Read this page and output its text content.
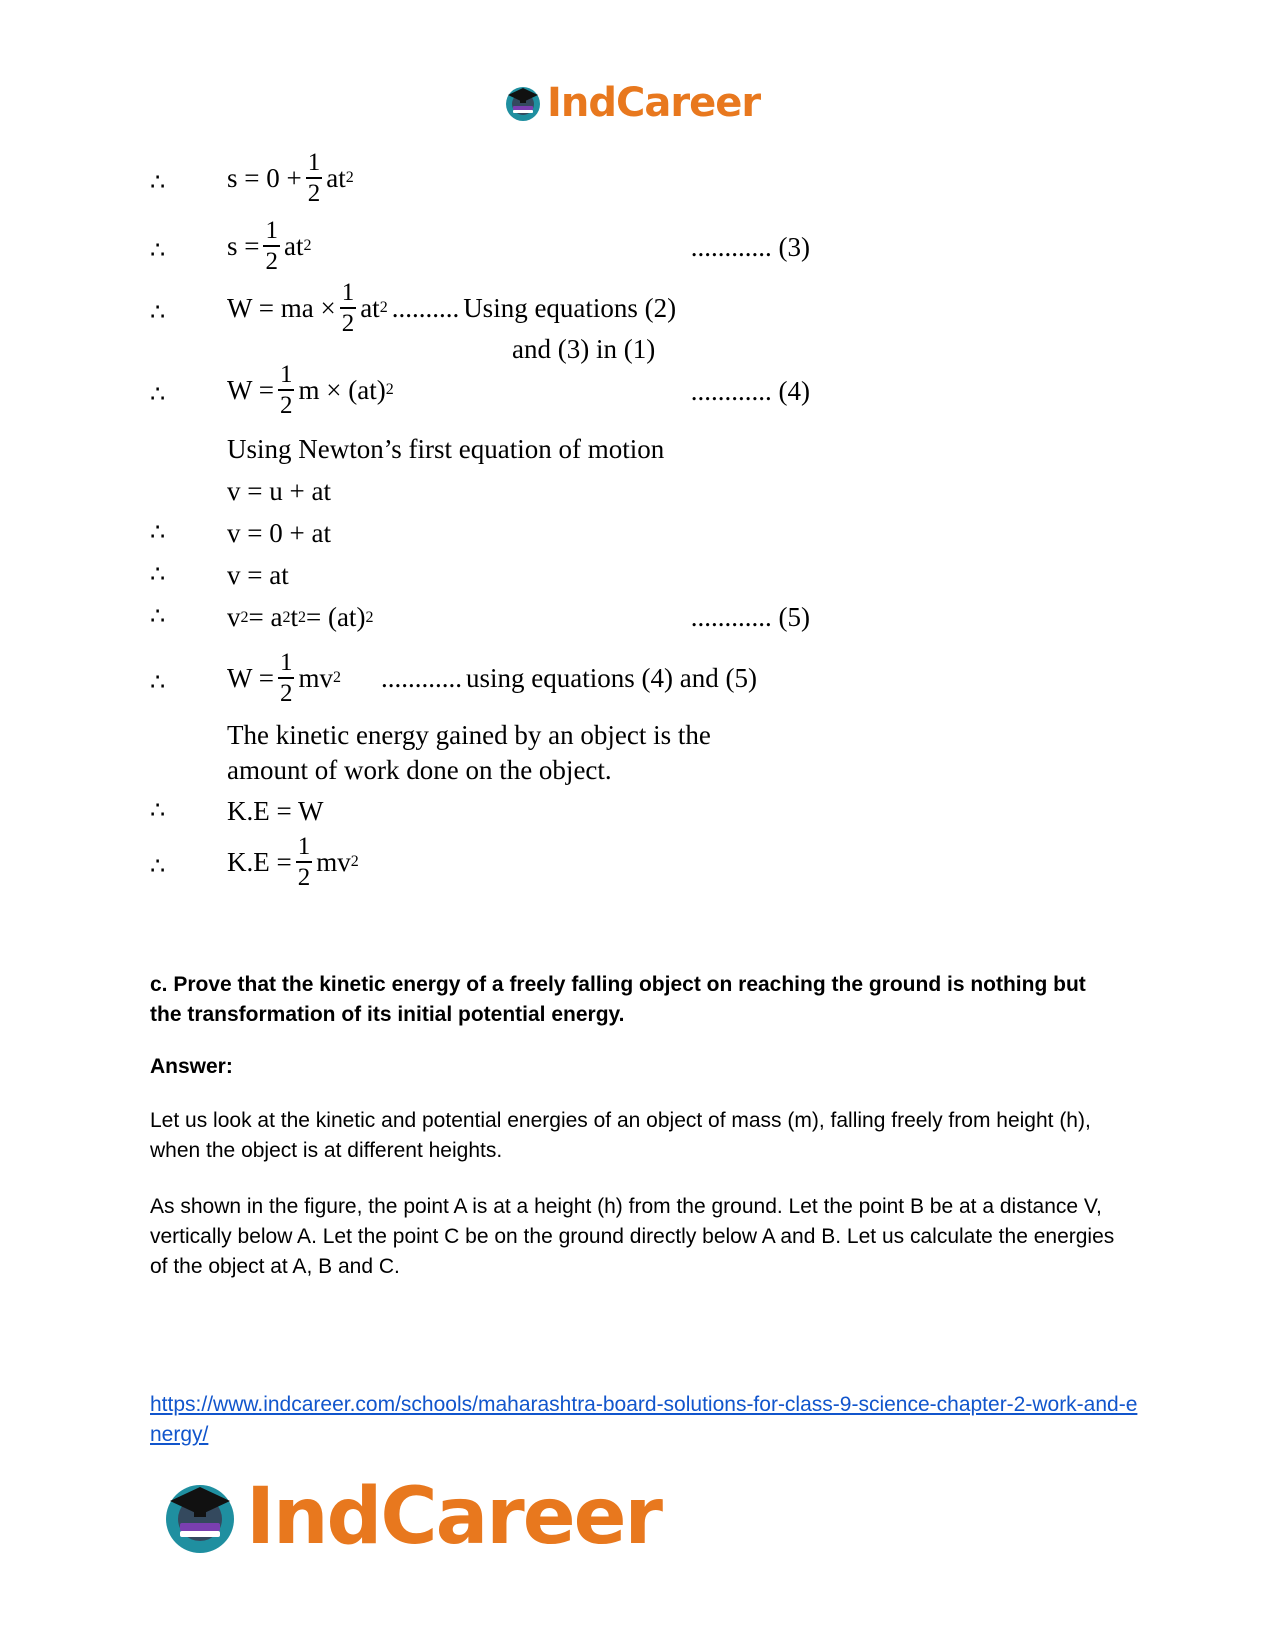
IndCareer
∴ $s = 0 + \frac{1}{2}$ at 2
∴ $s = \frac{1}{2}$ at 2	............ (3)
∴ W = ma × $\frac{1}{2}$ at 2 .......... Using equations (2)
and (3) in (1)
∴ $W = \frac{1}{2}$ m × (at) 2	............ (4)
Using Newton’s first equation of motion
v = u + at
∴ v = 0 + at
∴ v = at
∴ v 2 = a 2 t 2 = (at) 2	............ (5)
∴ $W = \frac{1}{2}$ mv 2 ............ using equations (4) and (5)
The kinetic energy gained by an object is the
amount of work done on the object.
∴ K.E = W
∴ $K.E = \frac{1}{2}$ mv 2
c. Prove that the kinetic energy of a freely falling object on reaching the ground is nothing but the transformation of its initial potential energy.
Answer:
Let us look at the kinetic and potential energies of an object of mass (m), falling freely from height (h), when the object is at different heights.
As shown in the figure, the point A is at a height (h) from the ground. Let the point B be at a distance V, vertically below A. Let the point C be on the ground directly below A and B. Let us calculate the energies of the object at A, B and C.
https://www.indcareer.com/schools/maharashtra-board-solutions-for-class-9-science-chapter-2-work-and-energy/
IndCareer
